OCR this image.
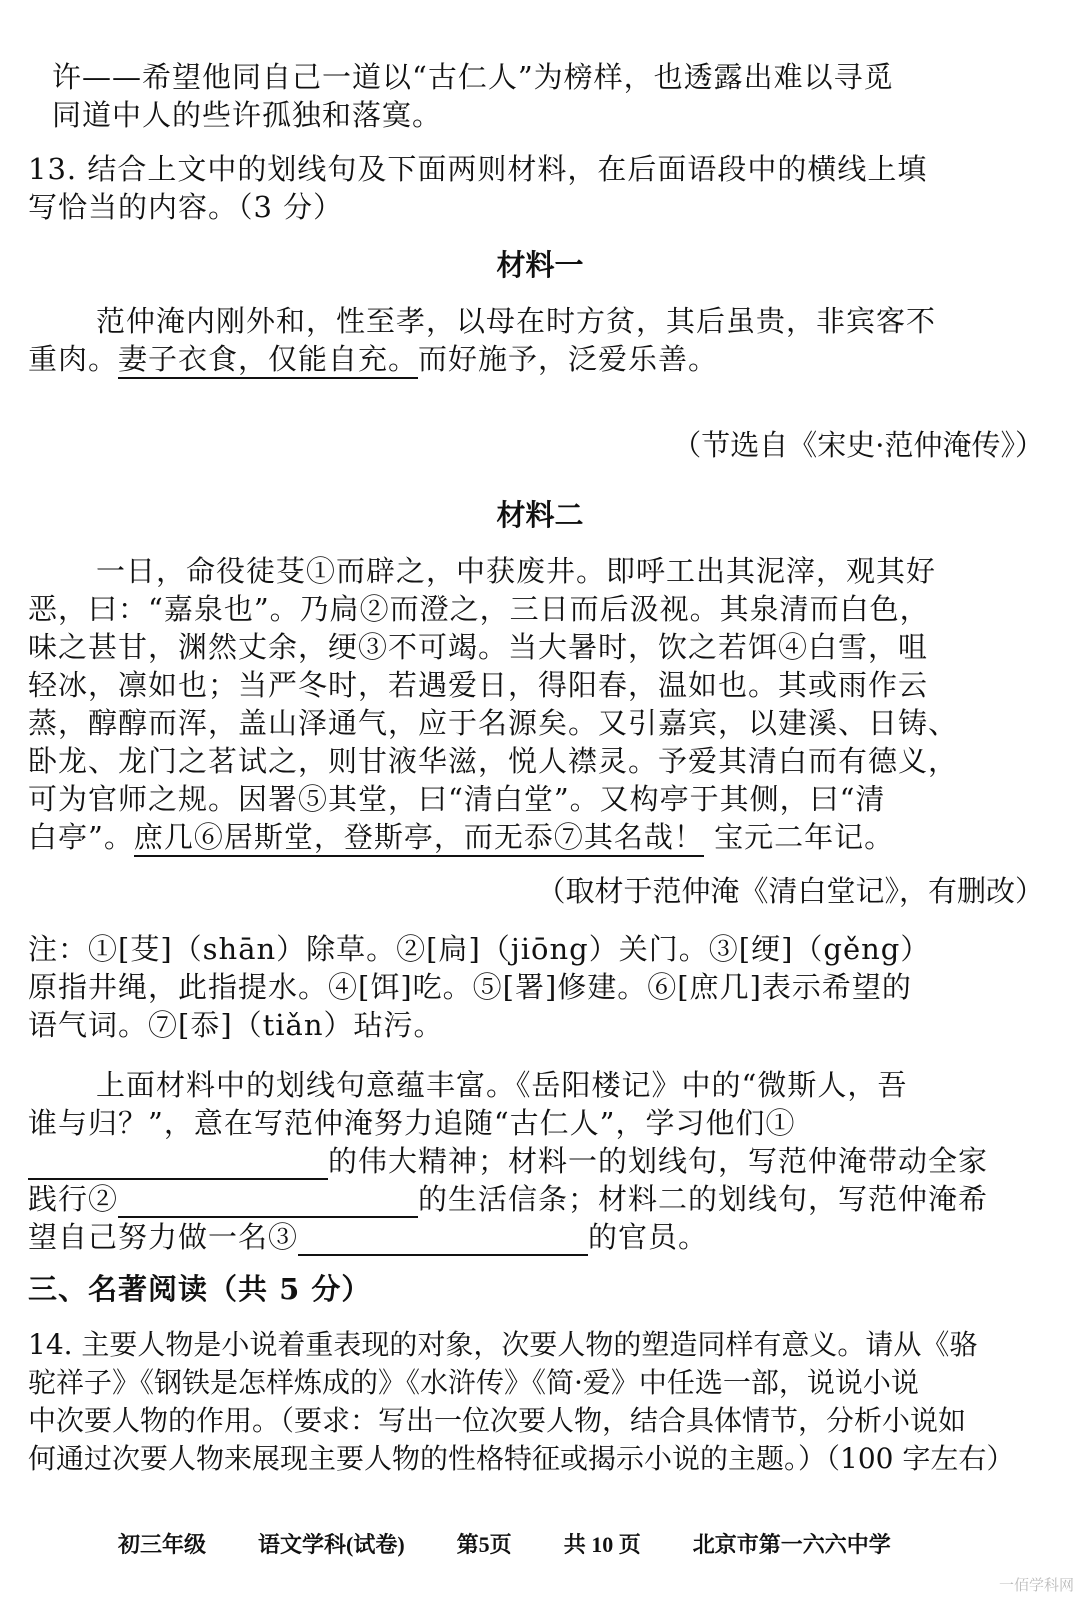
许——希望他同自己一道以“古仁人”为榜样，也透露出难以寻觅
同道中人的些许孤独和落寞。
13. 结合上文中的划线句及下面两则材料，在后面语段中的横线上填
写恰当的内容。（3 分）
材料一
范仲淹内刚外和，性至孝，以母在时方贫，其后虽贵，非宾客不
重肉。妻子衣食，仅能自充。而好施予，泛爱乐善。
（节选自《宋史·范仲淹传》）
材料二
一日，命役徒芟①而辟之，中获废井。即呼工出其泥滓，观其好
恶，曰：“嘉泉也”。乃扃②而澄之，三日而后汲视。其泉清而白色，
味之甚甘，渊然丈余，绠③不可竭。当大暑时，饮之若饵④白雪，咀
轻冰，凛如也；当严冬时，若遇爱日，得阳春，温如也。其或雨作云
蒸，醇醇而浑，盖山泽通气，应于名源矣。又引嘉宾，以建溪、日铸、
卧龙、龙门之茗试之，则甘液华滋，悦人襟灵。予爱其清白而有德义，
可为官师之规。因署⑤其堂，曰“清白堂”。又构亭于其侧，曰“清
白亭”。庶几⑥居斯堂，登斯亭，而无忝⑦其名哉！ 宝元二年记。
（取材于范仲淹《清白堂记》，有删改）
注：①[芟]（shān）除草。②[扃]（jiōng）关门。③[绠]（gěng）
原指井绳，此指提水。④[饵]吃。⑤[署]修建。⑥[庶几]表示希望的
语气词。⑦[忝]（tiǎn）玷污。
上面材料中的划线句意蕴丰富。《岳阳楼记》中的“微斯人，吾
谁与归？”，意在写范仲淹努力追随“古仁人”，学习他们①
的伟大精神；材料一的划线句，写范仲淹带动全家
践行②	的生活信条；材料二的划线句，写范仲淹希
望自己努力做一名③	的官员。
三、名著阅读（共 5 分）
14. 主要人物是小说着重表现的对象，次要人物的塑造同样有意义。请从《骆
驼祥子》《钢铁是怎样炼成的》《水浒传》《简·爱》中任选一部，说说小说
中次要人物的作用。（要求：写出一位次要人物，结合具体情节，分析小说如
何通过次要人物来展现主要人物的性格特征或揭示小说的主题。）（100 字左右）
初三年级 语文学科(试卷) 第5页 共 10 页 北京市第一六六中学
一佰学科网
